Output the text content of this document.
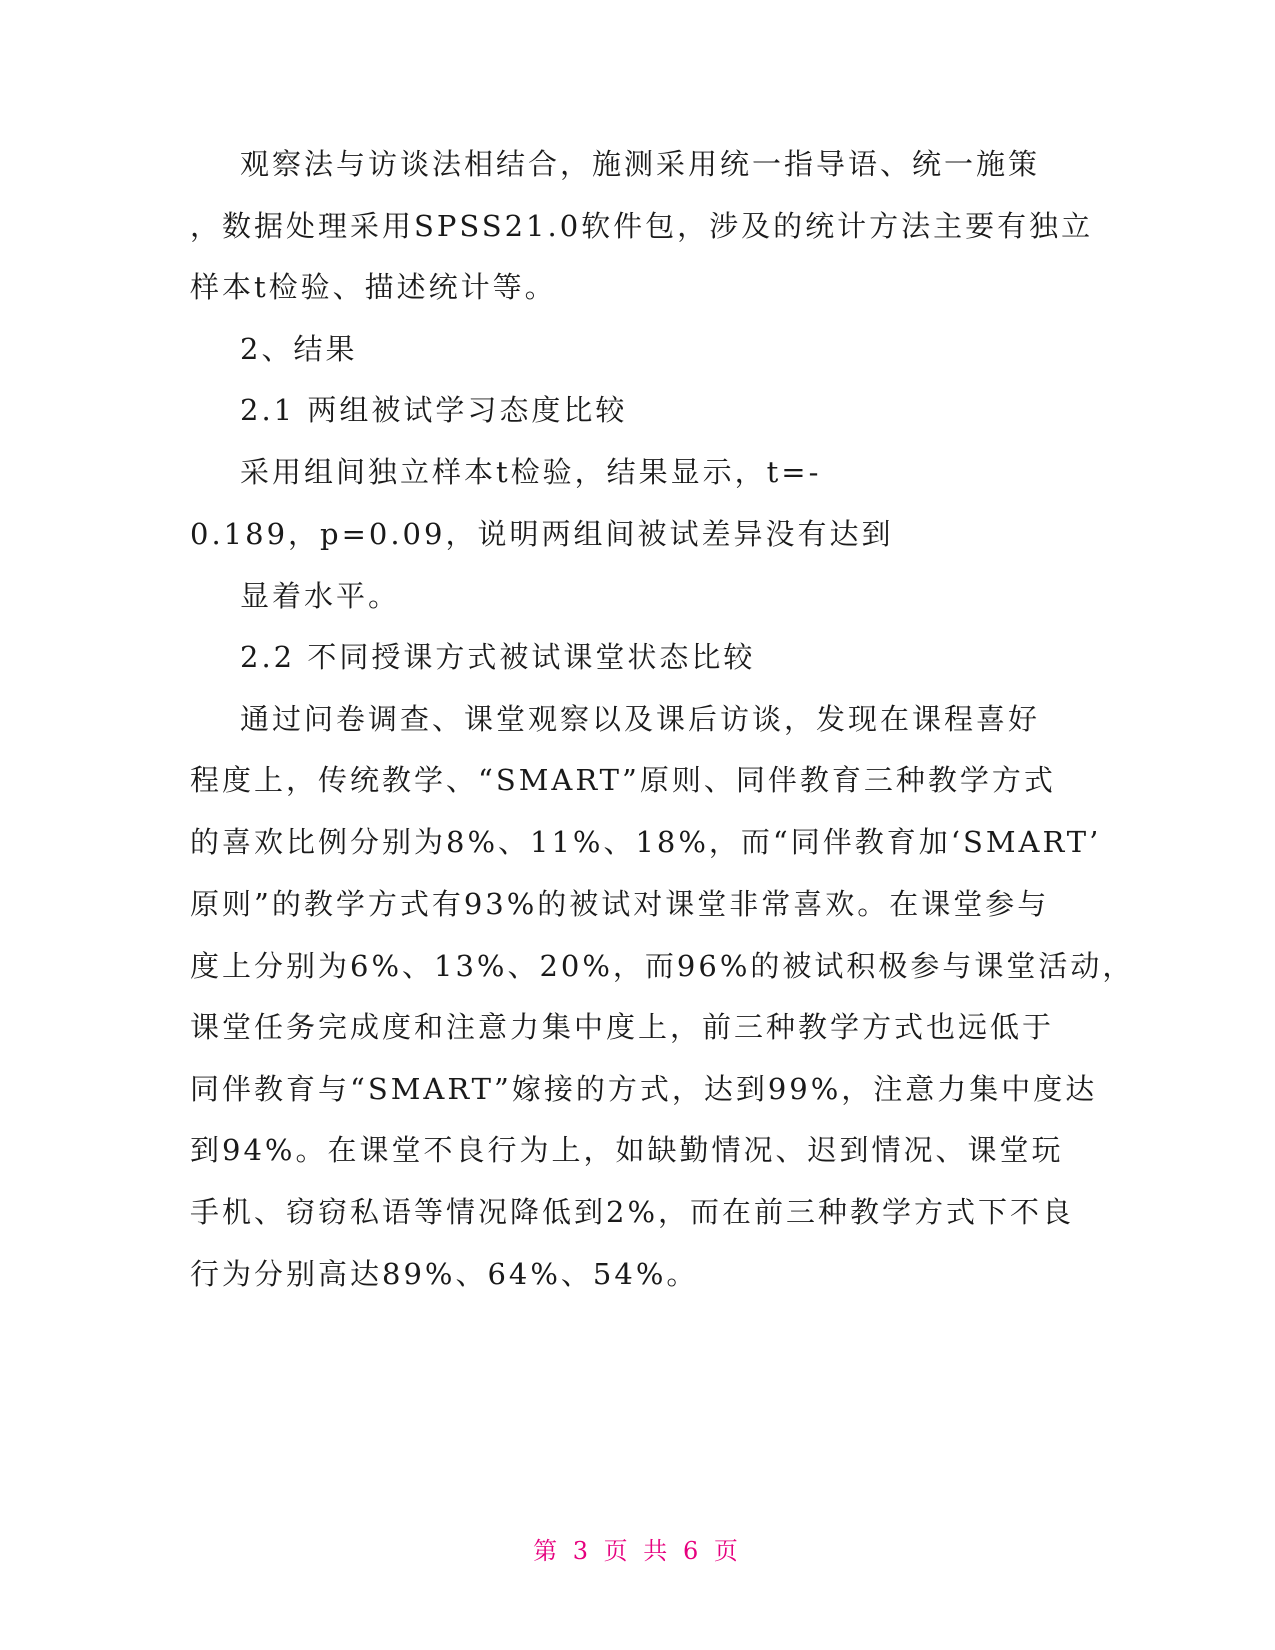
观察法与访谈法相结合，施测采用统一指导语、统一施策
，数据处理采用SPSS21.0软件包，涉及的统计方法主要有独立
样本t检验、描述统计等。
2、结果
2.1 两组被试学习态度比较
采用组间独立样本t检验，结果显示，t=-
0.189，p=0.09，说明两组间被试差异没有达到
显着水平。
2.2 不同授课方式被试课堂状态比较
通过问卷调查、课堂观察以及课后访谈，发现在课程喜好
程度上，传统教学、“SMART”原则、同伴教育三种教学方式
的喜欢比例分别为8%、11%、18%，而“同伴教育加‘SMART’
原则”的教学方式有93%的被试对课堂非常喜欢。在课堂参与
度上分别为6%、13%、20%，而96%的被试积极参与课堂活动，
课堂任务完成度和注意力集中度上，前三种教学方式也远低于
同伴教育与“SMART”嫁接的方式，达到99%，注意力集中度达
到94%。在课堂不良行为上，如缺勤情况、迟到情况、课堂玩
手机、窃窃私语等情况降低到2%，而在前三种教学方式下不良
行为分别高达89%、64%、54%。
第 3 页 共 6 页
